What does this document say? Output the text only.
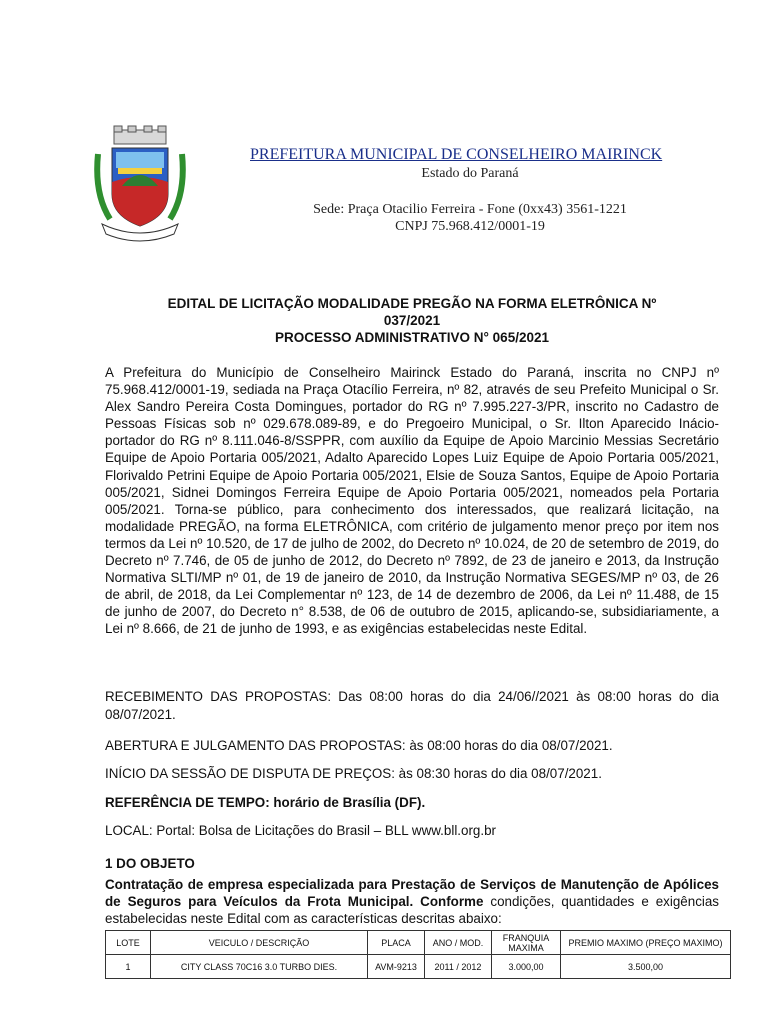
PREFEITURA MUNICIPAL DE CONSELHEIRO MAIRINCK
Estado do Paraná
Sede: Praça Otacilio Ferreira - Fone (0xx43) 3561-1221
CNPJ 75.968.412/0001-19
EDITAL DE LICITAÇÃO MODALIDADE PREGÃO NA FORMA ELETRÔNICA Nº
037/2021
PROCESSO ADMINISTRATIVO N° 065/2021
A Prefeitura do Município de Conselheiro Mairinck Estado do Paraná, inscrita no CNPJ nº 75.968.412/0001-19, sediada na Praça Otacílio Ferreira, nº 82, através de seu Prefeito Municipal o Sr. Alex Sandro Pereira Costa Domingues, portador do RG nº 7.995.227-3/PR, inscrito no Cadastro de Pessoas Físicas sob nº 029.678.089-89, e do Pregoeiro Municipal, o Sr. Ilton Aparecido Inácio- portador do RG nº 8.111.046-8/SSPPR, com auxílio da Equipe de Apoio Marcinio Messias Secretário Equipe de Apoio Portaria 005/2021, Adalto Aparecido Lopes Luiz Equipe de Apoio Portaria 005/2021, Florivaldo Petrini Equipe de Apoio Portaria 005/2021, Elsie de Souza Santos, Equipe de Apoio Portaria 005/2021, Sidnei Domingos Ferreira Equipe de Apoio Portaria 005/2021, nomeados pela Portaria 005/2021. Torna-se público, para conhecimento dos interessados, que realizará licitação, na modalidade PREGÃO, na forma ELETRÔNICA, com critério de julgamento menor preço por item nos termos da Lei nº 10.520, de 17 de julho de 2002, do Decreto nº 10.024, de 20 de setembro de 2019, do Decreto nº 7.746, de 05 de junho de 2012, do Decreto nº 7892, de 23 de janeiro e 2013, da Instrução Normativa SLTI/MP nº 01, de 19 de janeiro de 2010, da Instrução Normativa SEGES/MP nº 03, de 26 de abril, de 2018, da Lei Complementar nº 123, de 14 de dezembro de 2006, da Lei nº 11.488, de 15 de junho de 2007, do Decreto n° 8.538, de 06 de outubro de 2015, aplicando-se, subsidiariamente, a Lei nº 8.666, de 21 de junho de 1993, e as exigências estabelecidas neste Edital.
RECEBIMENTO DAS PROPOSTAS: Das 08:00 horas do dia 24/06//2021 às 08:00 horas do dia 08/07/2021.
ABERTURA E JULGAMENTO DAS PROPOSTAS: às 08:00 horas do dia 08/07/2021.
INÍCIO DA SESSÃO DE DISPUTA DE PREÇOS: às 08:30 horas do dia 08/07/2021.
REFERÊNCIA DE TEMPO: horário de Brasília (DF).
LOCAL: Portal: Bolsa de Licitações do Brasil – BLL www.bll.org.br
1 DO OBJETO
Contratação de empresa especializada para Prestação de Serviços de Manutenção de Apólices de Seguros para Veículos da Frota Municipal. Conforme condições, quantidades e exigências estabelecidas neste Edital com as características descritas abaixo:
LOTE	VEICULO / DESCRIÇÃO	PLACA	ANO / MOD.	FRANQUIA MAXIMA	PREMIO MAXIMO (PREÇO MAXIMO)
1	CITY CLASS 70C16 3.0 TURBO DIES.	AVM-9213	2011 / 2012	3.000,00	3.500,00
